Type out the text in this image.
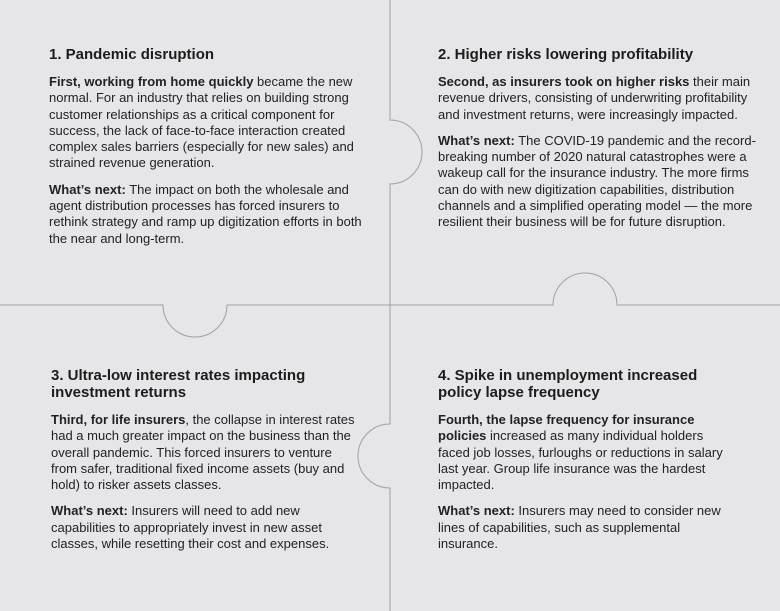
1. Pandemic disruption

First, working from home quickly became the new normal. For an industry that relies on building strong customer relationships as a critical component for success, the lack of face-to-face interaction created complex sales barriers (especially for new sales) and strained revenue generation.

What’s next: The impact on both the wholesale and agent distribution processes has forced insurers to rethink strategy and ramp up digitization efforts in both the near and long-term.

2. Higher risks lowering profitability

Second, as insurers took on higher risks their main revenue drivers, consisting of underwriting profitability and investment returns, were increasingly impacted.

What’s next: The COVID-19 pandemic and the record-breaking number of 2020 natural catastrophes were a wakeup call for the insurance industry. The more firms can do with new digitization capabilities, distribution channels and a simplified operating model — the more resilient their business will be for future disruption.

3. Ultra-low interest rates impacting investment returns

Third, for life insurers, the collapse in interest rates had a much greater impact on the business than the overall pandemic. This forced insurers to venture from safer, traditional fixed income assets (buy and hold) to risker assets classes.

What’s next: Insurers will need to add new capabilities to appropriately invest in new asset classes, while resetting their cost and expenses.

4. Spike in unemployment increased policy lapse frequency

Fourth, the lapse frequency for insurance policies increased as many individual holders faced job losses, furloughs or reductions in salary last year. Group life insurance was the hardest impacted.

What’s next: Insurers may need to consider new lines of capabilities, such as supplemental insurance.
